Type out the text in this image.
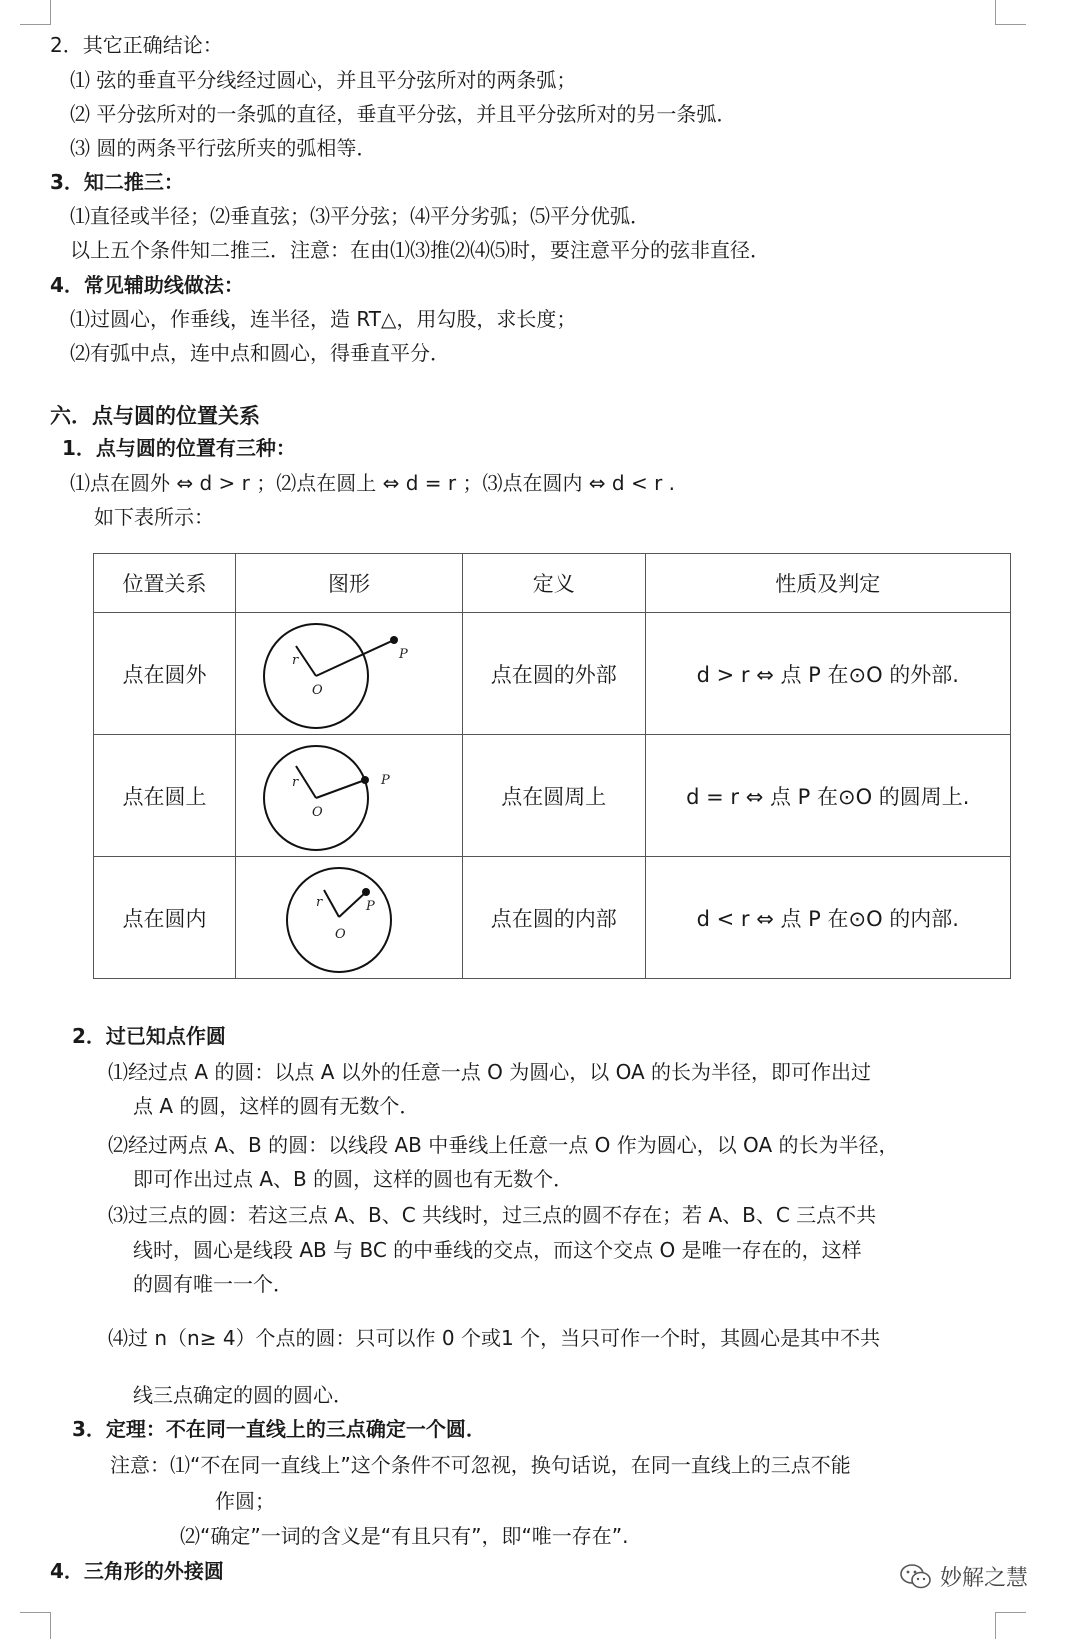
2．其它正确结论：
⑴ 弦的垂直平分线经过圆心，并且平分弦所对的两条弧；
⑵ 平分弦所对的一条弧的直径，垂直平分弦，并且平分弦所对的另一条弧．
⑶ 圆的两条平行弦所夹的弧相等．
3．知二推三：
⑴直径或半径；⑵垂直弦；⑶平分弦；⑷平分劣弧；⑸平分优弧．
以上五个条件知二推三．注意：在由⑴⑶推⑵⑷⑸时，要注意平分的弦非直径．
4．常见辅助线做法：
⑴过圆心，作垂线，连半径，造 RT△，用勾股，求长度；
⑵有弧中点，连中点和圆心，得垂直平分．
六．点与圆的位置关系
1．点与圆的位置有三种：
⑴点在圆外 ⇔ d > r ；⑵点在圆上 ⇔ d = r ；⑶点在圆内 ⇔ d < r .
如下表所示：
位置关系	图形	定义	性质及判定
点在圆外	r
O
P	点在圆的外部	d > r ⇔ 点 P 在⊙O 的外部.
点在圆上	r
O
P	点在圆周上	d = r ⇔ 点 P 在⊙O 的圆周上.
点在圆内	r
O
P	点在圆的内部	d < r ⇔ 点 P 在⊙O 的内部.
2．过已知点作圆
⑴经过点 A 的圆：以点 A 以外的任意一点 O 为圆心，以 OA 的长为半径，即可作出过
点 A 的圆，这样的圆有无数个．
⑵经过两点 A、B 的圆：以线段 AB 中垂线上任意一点 O 作为圆心，以 OA 的长为半径，
即可作出过点 A、B 的圆，这样的圆也有无数个．
⑶过三点的圆：若这三点 A、B、C 共线时，过三点的圆不存在；若 A、B、C 三点不共
线时，圆心是线段 AB 与 BC 的中垂线的交点，而这个交点 O 是唯一存在的，这样
的圆有唯一一个．
⑷过 n（n≥ 4）个点的圆：只可以作 0 个或1 个，当只可作一个时，其圆心是其中不共
线三点确定的圆的圆心．
3．定理：不在同一直线上的三点确定一个圆．
注意：⑴“不在同一直线上”这个条件不可忽视，换句话说，在同一直线上的三点不能
作圆；
⑵“确定”一词的含义是“有且只有”，即“唯一存在”.
4．三角形的外接圆	妙解之慧
